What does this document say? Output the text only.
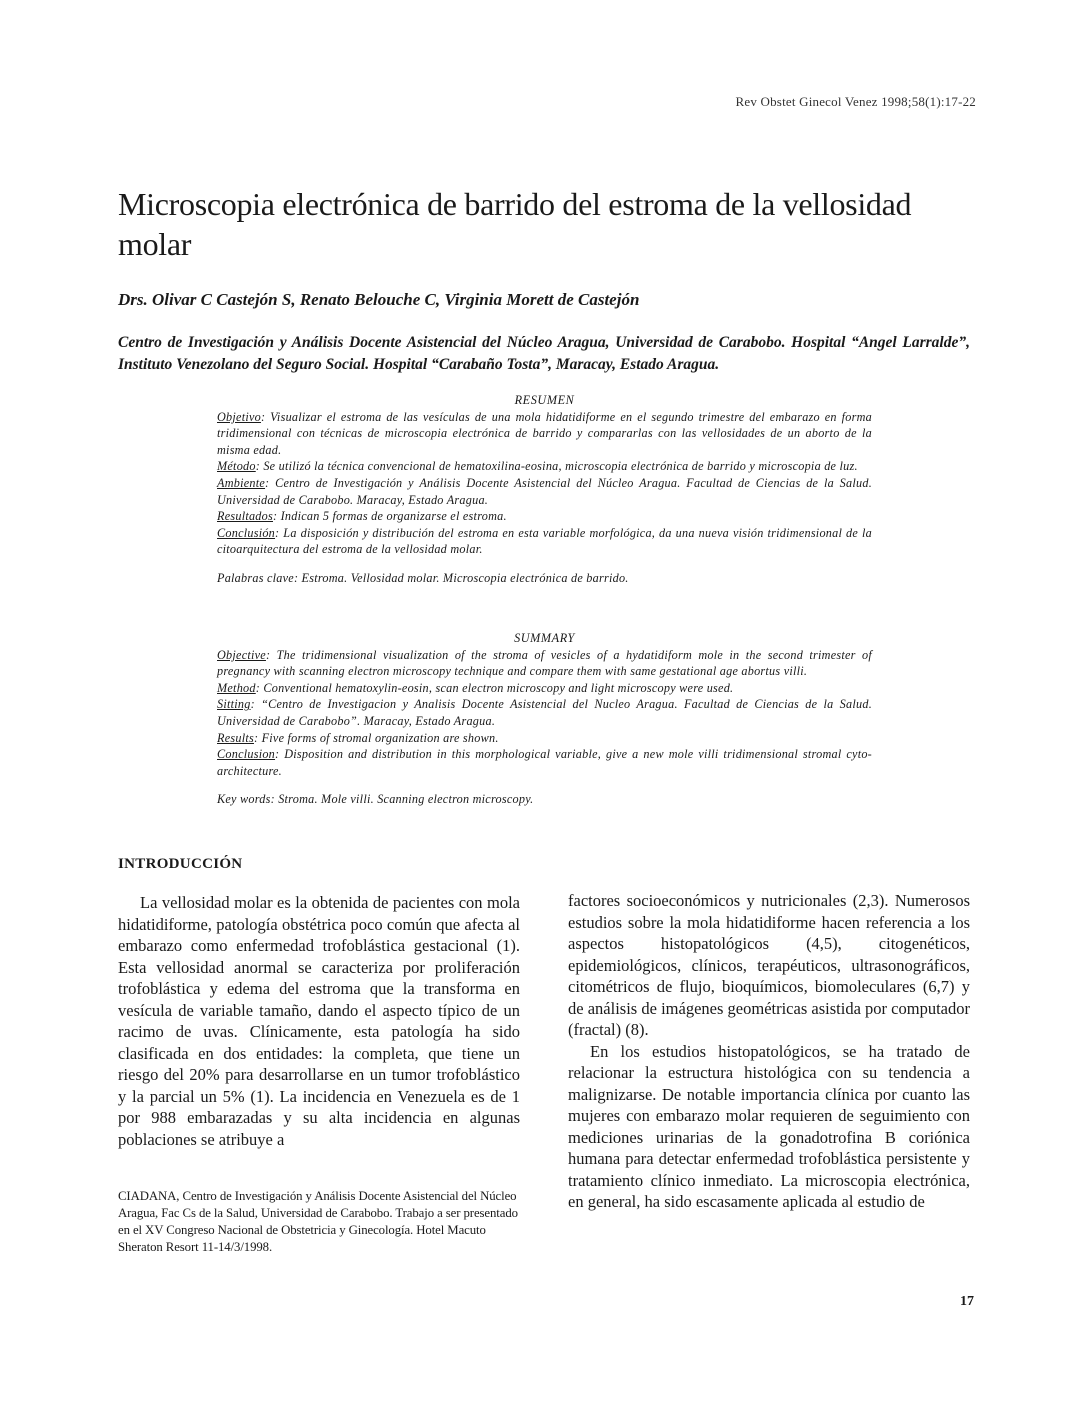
Rev Obstet Ginecol Venez 1998;58(1):17-22
Microscopia electrónica de barrido del estroma de la vellosidad molar
Drs. Olivar C Castejón S, Renato Belouche C, Virginia Morett de Castejón
Centro de Investigación y Análisis Docente Asistencial del Núcleo Aragua, Universidad de Carabobo. Hospital “Angel Larralde”, Instituto Venezolano del Seguro Social. Hospital “Carabaño Tosta”, Maracay, Estado Aragua.
RESUMEN

Objetivo: Visualizar el estroma de las vesículas de una mola hidatidiforme en el segundo trimestre del embarazo en forma tridimensional con técnicas de microscopia electrónica de barrido y compararlas con las vellosidades de un aborto de la misma edad.

Método: Se utilizó la técnica convencional de hematoxilina-eosina, microscopia electrónica de barrido y microscopia de luz.

Ambiente: Centro de Investigación y Análisis Docente Asistencial del Núcleo Aragua. Facultad de Ciencias de la Salud. Universidad de Carabobo. Maracay, Estado Aragua.

Resultados: Indican 5 formas de organizarse el estroma.

Conclusión: La disposición y distribución del estroma en esta variable morfológica, da una nueva visión tridimensional de la citoarquitectura del estroma de la vellosidad molar.

Palabras clave: Estroma. Vellosidad molar. Microscopia electrónica de barrido.

SUMMARY

Objective: The tridimensional visualization of the stroma of vesicles of a hydatidiform mole in the second trimester of pregnancy with scanning electron microscopy technique and compare them with same gestational age abortus villi.

Method: Conventional hematoxylin-eosin, scan electron microscopy and light microscopy were used.

Sitting: “Centro de Investigacion y Analisis Docente Asistencial del Nucleo Aragua. Facultad de Ciencias de la Salud. Universidad de Carabobo”. Maracay, Estado Aragua.

Results: Five forms of stromal organization are shown.

Conclusion: Disposition and distribution in this morphological variable, give a new mole villi tridimensional stromal cyto-architecture.

Key words: Stroma. Mole villi. Scanning electron microscopy.

INTRODUCCIÓN

La vellosidad molar es la obtenida de pacientes con mola hidatidiforme, patología obstétrica poco común que afecta al embarazo como enfermedad trofoblástica gestacional (1). Esta vellosidad anormal se caracteriza por proliferación trofoblástica y edema del estroma que la transforma en vesícula de variable tamaño, dando el aspecto típico de un racimo de uvas. Clínicamente, esta patología ha sido clasificada en dos entidades: la completa, que tiene un riesgo del 20% para desarrollarse en un tumor trofoblástico y la parcial un 5% (1). La incidencia en Venezuela es de 1 por 988 embarazadas y su alta incidencia en algunas poblaciones se atribuye a

factores socioeconómicos y nutricionales (2,3). Numerosos estudios sobre la mola hidatidiforme hacen referencia a los aspectos histopatológicos (4,5), citogenéticos, epidemiológicos, clínicos, terapéuticos, ultrasonográficos, citométricos de flujo, bioquímicos, biomoleculares (6,7) y de análisis de imágenes geométricas asistida por computador (fractal) (8).

En los estudios histopatológicos, se ha tratado de relacionar la estructura histológica con su tendencia a malignizarse. De notable importancia clínica por cuanto las mujeres con embarazo molar requieren de seguimiento con mediciones urinarias de la gonadotrofina B coriónica humana para detectar enfermedad trofoblástica persistente y tratamiento clínico inmediato. La microscopia electrónica, en general, ha sido escasamente aplicada al estudio de

CIADANA, Centro de Investigación y Análisis Docente Asistencial del Núcleo Aragua, Fac Cs de la Salud, Universidad de Carabobo. Trabajo a ser presentado en el XV Congreso Nacional de Obstetricia y Ginecología. Hotel Macuto Sheraton Resort 11-14/3/1998.
17
